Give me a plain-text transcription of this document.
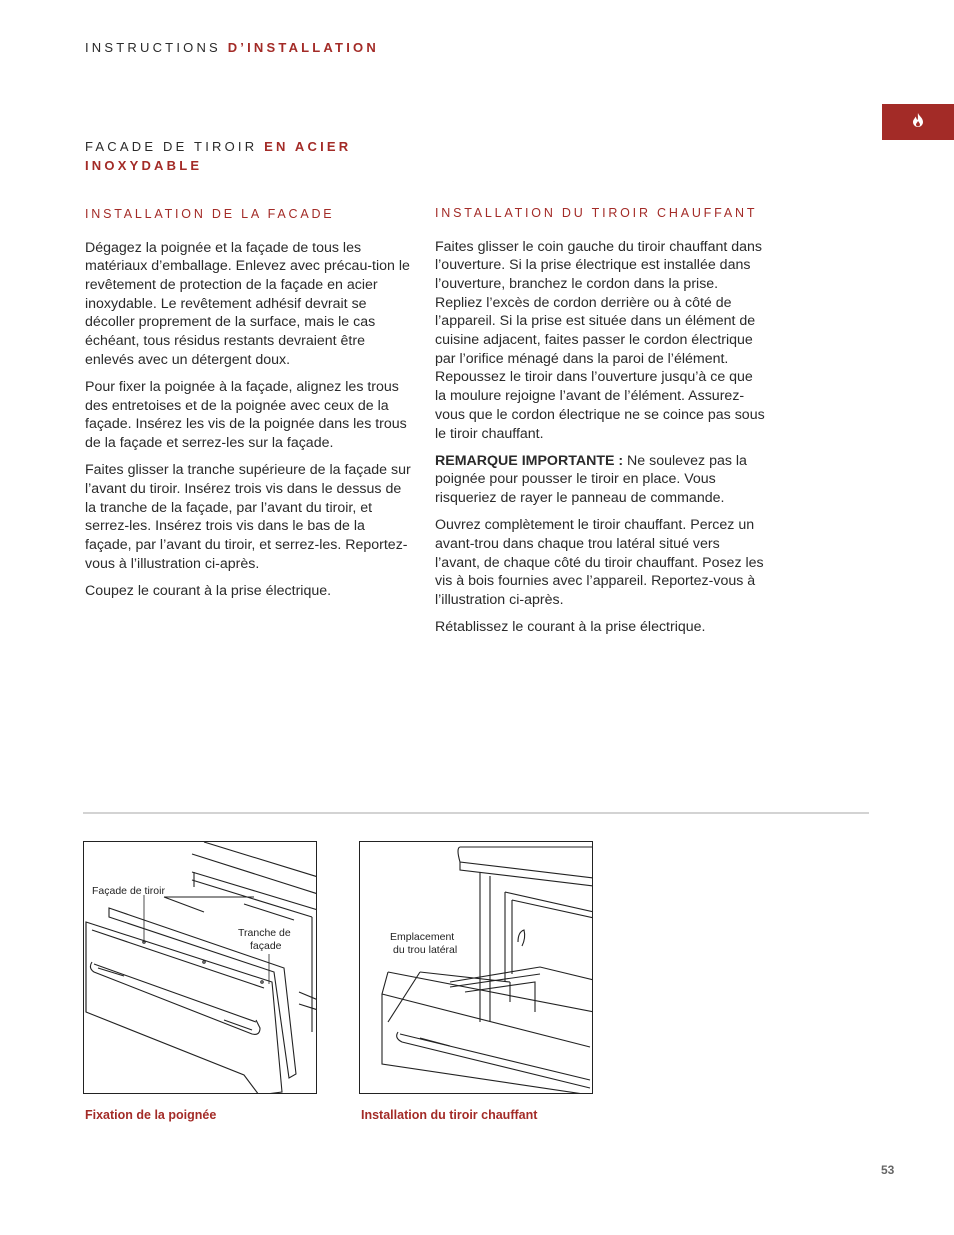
INSTRUCTIONS D’INSTALLATION
FACADE DE TIROIR EN ACIER INOXYDABLE
INSTALLATION DE LA FACADE

Dégagez la poignée et la façade de tous les matériaux d’emballage. Enlevez avec précau-tion le revêtement de protection de la façade en acier inoxydable. Le revêtement adhésif devrait se décoller proprement de la surface, mais le cas échéant, tous résidus restants devraient être enlevés avec un détergent doux.

Pour fixer la poignée à la façade, alignez les trous des entretoises et de la poignée avec ceux de la façade. Insérez les vis de la poignée dans les trous de la façade et serrez-les sur la façade.

Faites glisser la tranche supérieure de la façade sur l’avant du tiroir. Insérez trois vis dans le dessus de la tranche de la façade, par l’avant du tiroir, et serrez-les. Insérez trois vis dans le bas de la façade, par l’avant du tiroir, et serrez-les. Reportez-vous à l’illustration ci-après.

Coupez le courant à la prise électrique.

INSTALLATION DU TIROIR CHAUFFANT

Faites glisser le coin gauche du tiroir chauffant dans l’ouverture. Si la prise électrique est installée dans l’ouverture, branchez le cordon dans la prise. Repliez l’excès de cordon derrière ou à côté de l’appareil. Si la prise est située dans un élément de cuisine adjacent, faites passer le cordon électrique par l’orifice ménagé dans la paroi de l’élément. Repoussez le tiroir dans l’ouverture jusqu’à ce que la moulure rejoigne l’avant de l’élément. Assurez-vous que le cordon électrique ne se coince pas sous le tiroir chauffant.

REMARQUE IMPORTANTE : Ne soulevez pas la poignée pour pousser le tiroir en place. Vous risqueriez de rayer le panneau de commande.

Ouvrez complètement le tiroir chauffant. Percez un avant-trou dans chaque trou latéral situé vers l’avant, de chaque côté du tiroir chauffant. Posez les vis à bois fournies avec l’appareil. Reportez-vous à l’illustration ci-après.

Rétablissez le courant à la prise électrique.

Façade de tiroir
Tranche de
façade
Emplacement
du trou latéral
Fixation de la poignée	Installation du tiroir chauffant
53
